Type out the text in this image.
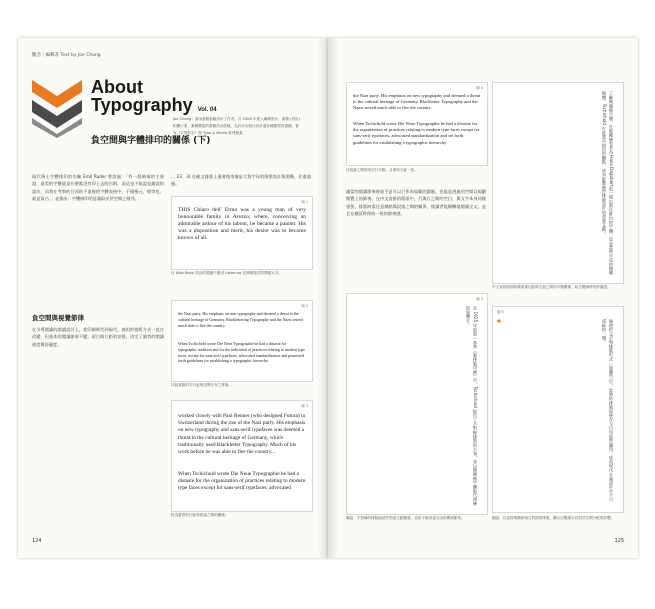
觀念｜編輯書 Text by Joe Chang
About
Typography Vol. 04
負空間與字體排印的關係 (下)
Joe Chang｜資深書籍裝幀設計工作者。自 2008 年進入編輯設計、書籍 (設計) 相關行業，累積豐富的書籍設計經驗，為許多出版社設計過各種類型的書籍。著有《字型散步》與 Type & Media 系列叢書。
現代瑞士字體排印的先驅 Emil Ruder 曾說過：「有一派極端的主張說，最美的字體就是什麼都沒有印上去的白紙。而這也不能說是錯誤的說法，而我在考察的日西的不重複的字體表格中，不僅指元、標等也，就是留白。」並指出：字體排印的意義取決於空間之排列。
負空間與視覺節律
在引導閱讀的閱讀設計上，從印刷時代到現代，使用的排版方式一直在改變，但基本的閱讀節奏不變。留白與行距的安排，決定了讀者的閱讀速度與舒適度。
… 23、3) 在歐文排版上還會使用像是大寫字母的倒裝設計與裝飾，比重超過。
圖 1
THIS Chiaro dell' Erma was a young man of very honourable family in Arezzo; where, conceiving an admirable ardour of his labour, he became a painter. His was a disposition and merit, his desire was to become known of all.
在 Aldo Rossi 設計的書籍中運用 Lettering 在簡單版式的開頭大字。
圖 2
the Nazi party. His emphasis on new typography and deemed a threat to the cultural heritage of Germany, Blacklettering Typography and the Nazis seized much able to flee the country.
When Tschichold wrote Die Neue Typographie he had a distaste for typographic tradition and for the indication of practices relating to modern type faces, except for sans-serif typefaces, advocated standardization and pioneered forth guidelines for establishing a typographic hierarchy.
以較寬鬆的字行距與空間分布之排版。
圖 3
worked closely with Paul Renner (who designed Futura) in Switzerland during the rise of the Nazi party. His emphasis on new typography and sans-serif typefaces was deemed a threat to the cultural heritage of Germany, which traditionally used Blackletter Typography. Much of his work before he was able to flee the country...
When Tschichold wrote Die Neue Typographie he had a distaste for the organization of practices relating to modern type faces except for sans-serif typefaces, advocated
較為緊密的行距與段落之間的關係。
124
圖 4
the Nazi party. His emphasis on new typography and deemed a threat to the cultural heritage of Germany, Blackletter Typography and the Nazis seized much able to flee the country.
When Tschichold wrote Die Neue Typographie he had a distaste for the organization of practices relating to modern type faces except for sans-serif typefaces, advocated standardization and set forth guidelines for establishing a typographic hierarchy.
在段落之間使用空行分隔，且保持字距一致。
適當的閱讀節奏營造不是可以只作為規範的題眼，也能是透過用空間以規劃閱覽上的節奏。在中文直排的版面中，行與行之間的空白，與文字本身同樣重要。排版時需注意標點與段落之間的關係，使讀者能順暢地閱讀全文，並且在翻頁時保持一致的節奏感。
圖 5
在 1925 年的第一本書《新排版印刷》中，Tschichold 提出了不對稱排版的主張，並以無襯線字體取代傳統的黑體字。
了解無襯線字體，在版權擁有者為 Hans Dagobert的一間出版社推出的字體，這是當時罕見的無襯線體。Tschichold 在此書中提出的觀點，成為影響後世排版設計的重要文獻。
中文直排版面同樣重視行距與字距之間的平衡關係，給予閱讀時的舒適感。
圖 6
倫理的文字與排版形式（如圖所示），當時的排版即便在今日也依然適用，成為現代主義設計中不可或缺的一環。
圖說：不對稱的排版能使頁面產生動態感，並給予讀者更自由的閱讀節奏。	圖說：以直排與橫排相互對照的排版，顯示出閱讀方向對於空間分配的影響。
125
